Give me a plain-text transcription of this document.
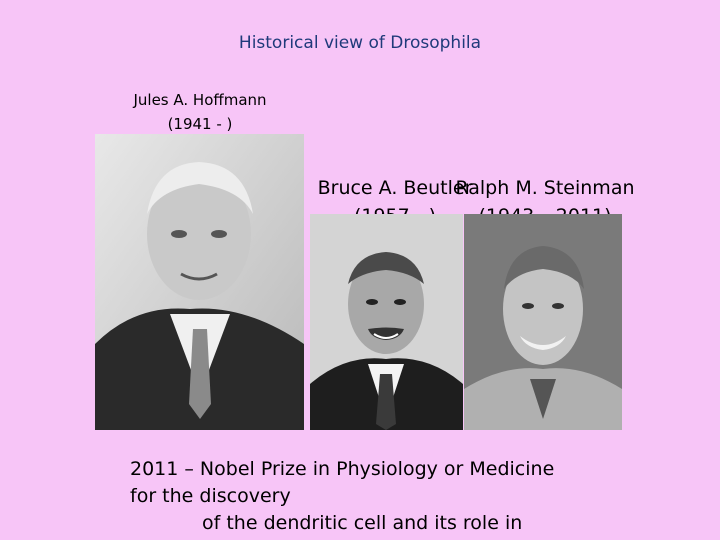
Historical view of Drosophila
Jules A. Hoffmann
(1941 - )
Bruce A. Beutler
Ralph M. Steinman
2011 – Nobel Prize in Physiology or Medicine
for the discovery
of the dendritic cell and its role in
